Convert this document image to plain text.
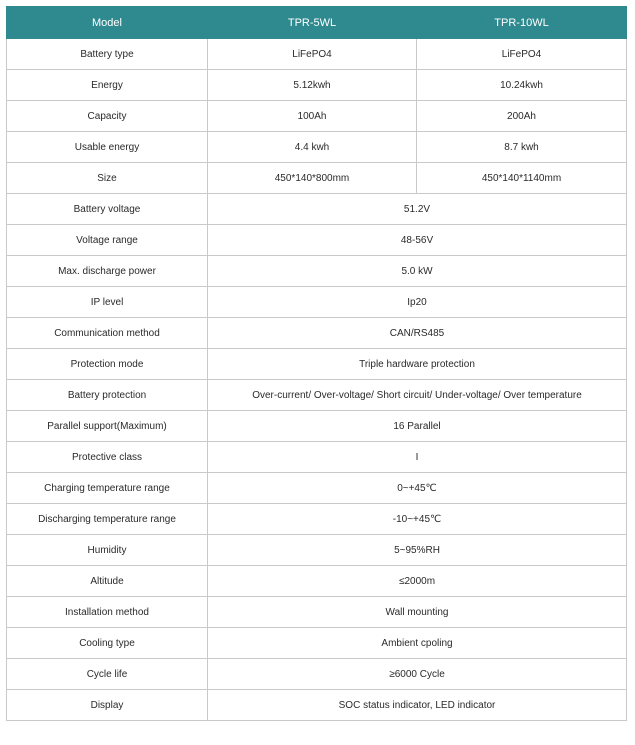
Model	TPR-5WL	TPR-10WL
Battery type	LiFePO4	LiFePO4
Energy	5.12kwh	10.24kwh
Capacity	100Ah	200Ah
Usable energy	4.4 kwh	8.7 kwh
Size	450*140*800mm	450*140*1140mm
Battery voltage	51.2V	
Voltage range	48-56V	
Max. discharge power	5.0 kW	
IP level	Ip20	
Communication method	CAN/RS485	
Protection mode	Triple hardware protection	
Battery protection	Over-current/ Over-voltage/ Short circuit/ Under-voltage/ Over temperature	
Parallel support(Maximum)	16 Parallel	
Protective class	I	
Charging temperature range	0~+45℃	
Discharging temperature range	-10~+45℃	
Humidity	5~95%RH	
Altitude	≤2000m	
Installation method	Wall mounting	
Cooling type	Ambient cpoling	
Cycle life	≥6000 Cycle	
Display	SOC status indicator, LED indicator	
